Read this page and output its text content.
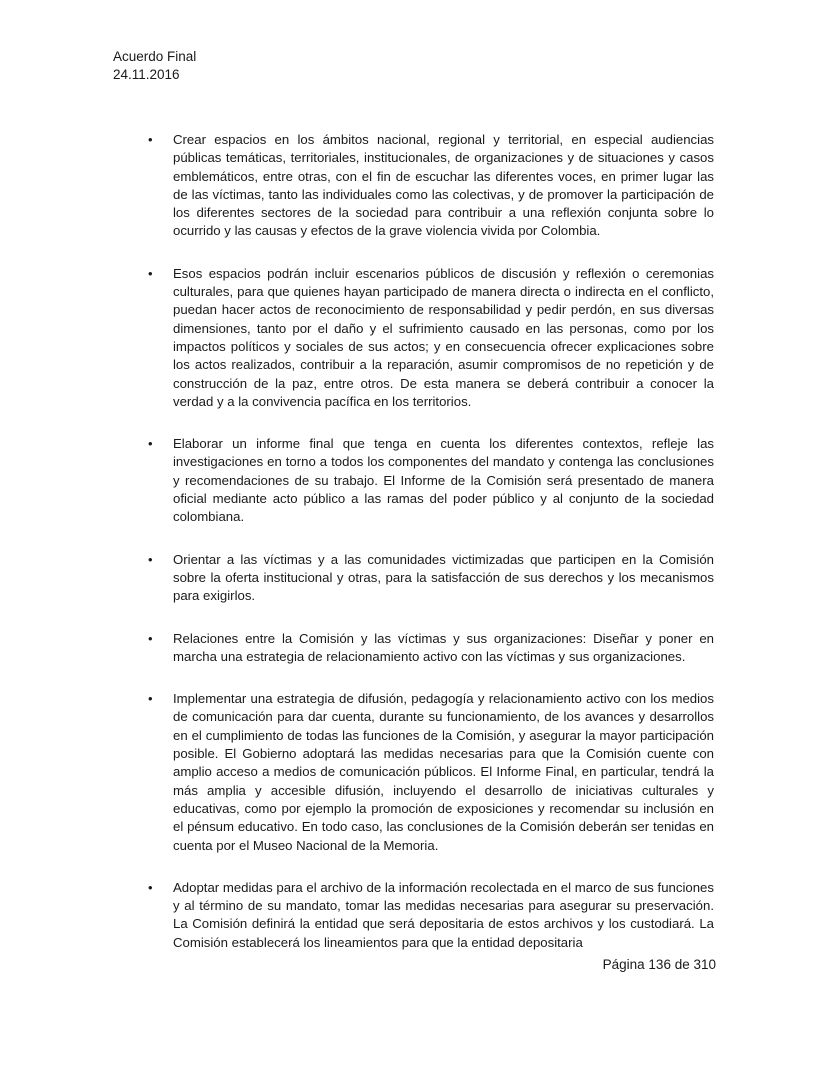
Acuerdo Final
24.11.2016
• Crear espacios en los ámbitos nacional, regional y territorial, en especial audiencias públicas temáticas, territoriales, institucionales, de organizaciones y de situaciones y casos emblemáticos, entre otras, con el fin de escuchar las diferentes voces, en primer lugar las de las víctimas, tanto las individuales como las colectivas, y de promover la participación de los diferentes sectores de la sociedad para contribuir a una reflexión conjunta sobre lo ocurrido y las causas y efectos de la grave violencia vivida por Colombia.
• Esos espacios podrán incluir escenarios públicos de discusión y reflexión o ceremonias culturales, para que quienes hayan participado de manera directa o indirecta en el conflicto, puedan hacer actos de reconocimiento de responsabilidad y pedir perdón, en sus diversas dimensiones, tanto por el daño y el sufrimiento causado en las personas, como por los impactos políticos y sociales de sus actos; y en consecuencia ofrecer explicaciones sobre los actos realizados, contribuir a la reparación, asumir compromisos de no repetición y de construcción de la paz, entre otros. De esta manera se deberá contribuir a conocer la verdad y a la convivencia pacífica en los territorios.
• Elaborar un informe final que tenga en cuenta los diferentes contextos, refleje las investigaciones en torno a todos los componentes del mandato y contenga las conclusiones y recomendaciones de su trabajo. El Informe de la Comisión será presentado de manera oficial mediante acto público a las ramas del poder público y al conjunto de la sociedad colombiana.
• Orientar a las víctimas y a las comunidades victimizadas que participen en la Comisión sobre la oferta institucional y otras, para la satisfacción de sus derechos y los mecanismos para exigirlos.
• Relaciones entre la Comisión y las víctimas y sus organizaciones: Diseñar y poner en marcha una estrategia de relacionamiento activo con las víctimas y sus organizaciones.
• Implementar una estrategia de difusión, pedagogía y relacionamiento activo con los medios de comunicación para dar cuenta, durante su funcionamiento, de los avances y desarrollos en el cumplimiento de todas las funciones de la Comisión, y asegurar la mayor participación posible. El Gobierno adoptará las medidas necesarias para que la Comisión cuente con amplio acceso a medios de comunicación públicos. El Informe Final, en particular, tendrá la más amplia y accesible difusión, incluyendo el desarrollo de iniciativas culturales y educativas, como por ejemplo la promoción de exposiciones y recomendar su inclusión en el pénsum educativo. En todo caso, las conclusiones de la Comisión deberán ser tenidas en cuenta por el Museo Nacional de la Memoria.
• Adoptar medidas para el archivo de la información recolectada en el marco de sus funciones y al término de su mandato, tomar las medidas necesarias para asegurar su preservación. La Comisión definirá la entidad que será depositaria de estos archivos y los custodiará. La Comisión establecerá los lineamientos para que la entidad depositaria
Página 136 de 310
